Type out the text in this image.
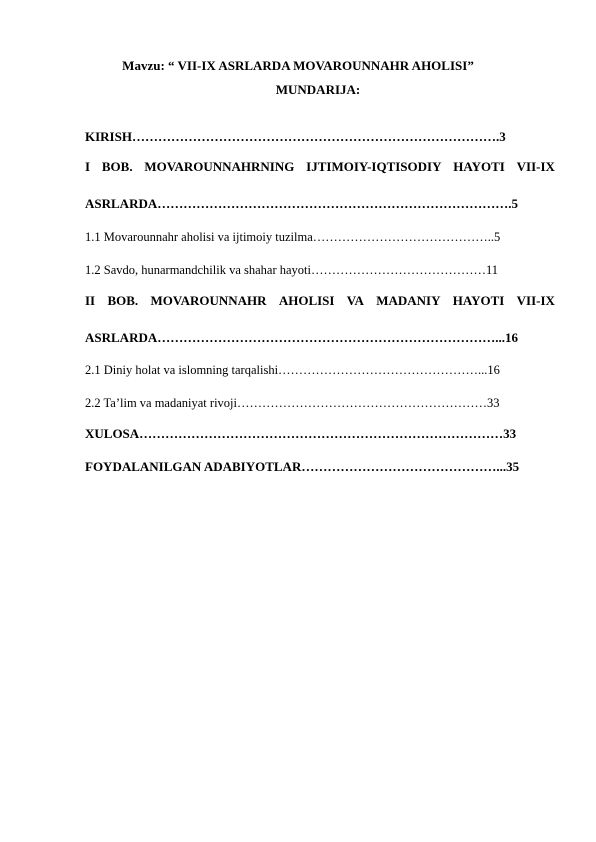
Mavzu: “ VII-IX ASRLARDA MOVAROUNNAHR AHOLISI”
MUNDARIJA:
KIRISH………………………………………………………………………….3
I BOB. MOVAROUNNAHRNING IJTIMOIY-IQTISODIY HAYOTI VII-IX
ASRLARDA……………………………………………………………………….5
1.1 Movarounnahr aholisi va ijtimoiy tuzilma……………………………………..5
1.2 Savdo, hunarmandchilik va shahar hayoti……………………………………11
II BOB. MOVAROUNNAHR AHOLISI VA MADANIY HAYOTI VII-IX
ASRLARDA……………………………………………………………………...16
2.1 Diniy holat va islomning tarqalishi…………………………………………...16
2.2 Ta’lim va madaniyat rivoji……………………………………………………33
XULOSA…………………………………………………………………………33
FOYDALANILGAN ADABIYOTLAR………………………………………...35
